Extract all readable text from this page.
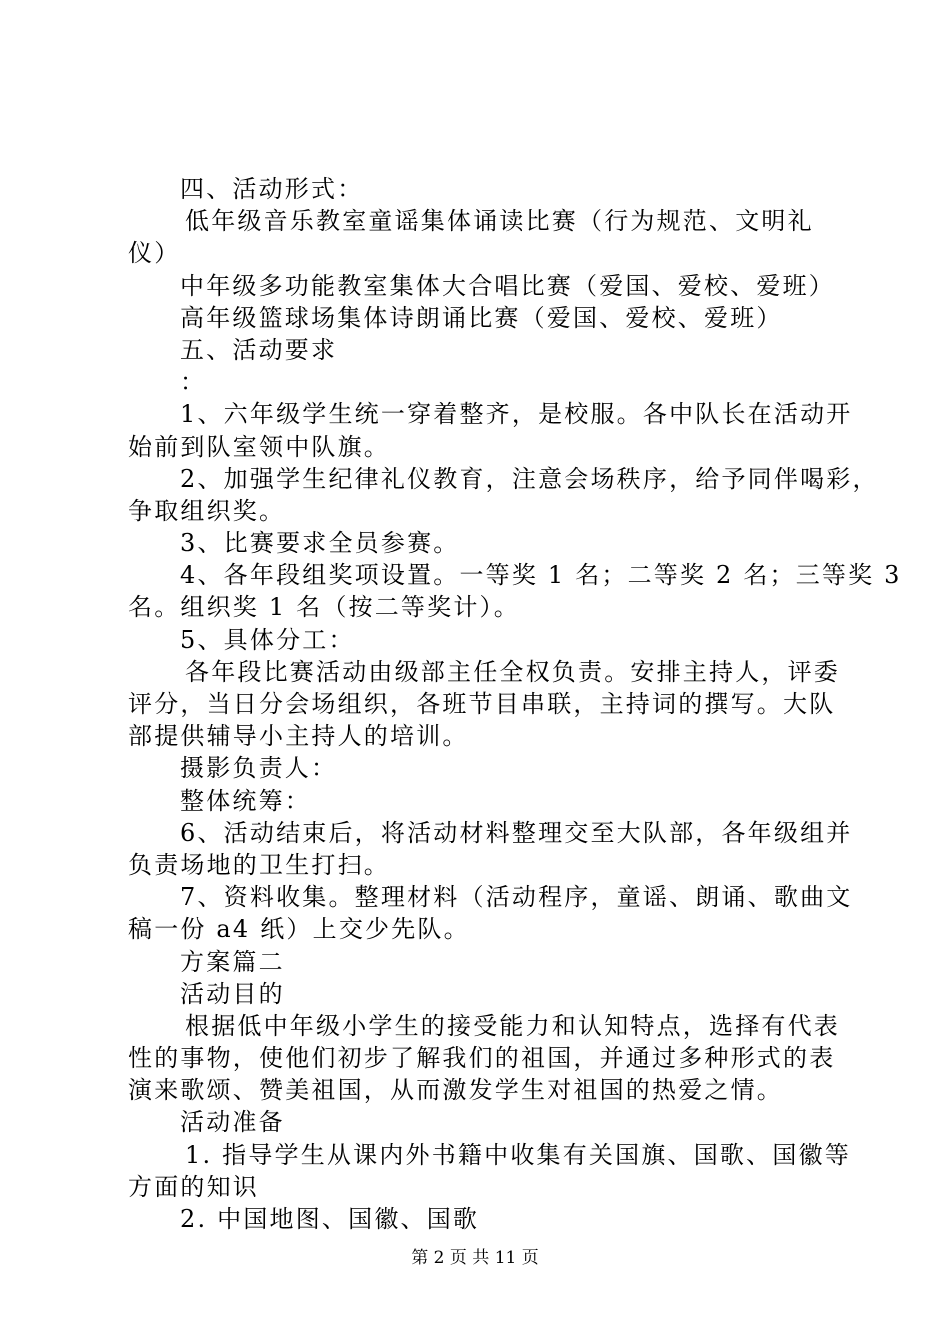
四、活动形式：
低年级音乐教室童谣集体诵读比赛（行为规范、文明礼
仪）
中年级多功能教室集体大合唱比赛（爱国、爱校、爱班）
高年级篮球场集体诗朗诵比赛（爱国、爱校、爱班）
五、活动要求
：
1、六年级学生统一穿着整齐，是校服。各中队长在活动开
始前到队室领中队旗。
2、加强学生纪律礼仪教育，注意会场秩序，给予同伴喝彩，
争取组织奖。
3、比赛要求全员参赛。
4、各年段组奖项设置。一等奖 1 名；二等奖 2 名；三等奖 3
名。组织奖 1 名（按二等奖计）。
5、具体分工：
各年段比赛活动由级部主任全权负责。安排主持人，评委
评分，当日分会场组织，各班节目串联，主持词的撰写。大队
部提供辅导小主持人的培训。
摄影负责人：
整体统筹：
6、活动结束后，将活动材料整理交至大队部，各年级组并
负责场地的卫生打扫。
7、资料收集。整理材料（活动程序，童谣、朗诵、歌曲文
稿一份 a4 纸）上交少先队。
方案篇二
活动目的
根据低中年级小学生的接受能力和认知特点，选择有代表
性的事物，使他们初步了解我们的祖国，并通过多种形式的表
演来歌颂、赞美祖国，从而激发学生对祖国的热爱之情。
活动准备
1. 指导学生从课内外书籍中收集有关国旗、国歌、国徽等
方面的知识
2. 中国地图、国徽、国歌
第 2 页 共 11 页
